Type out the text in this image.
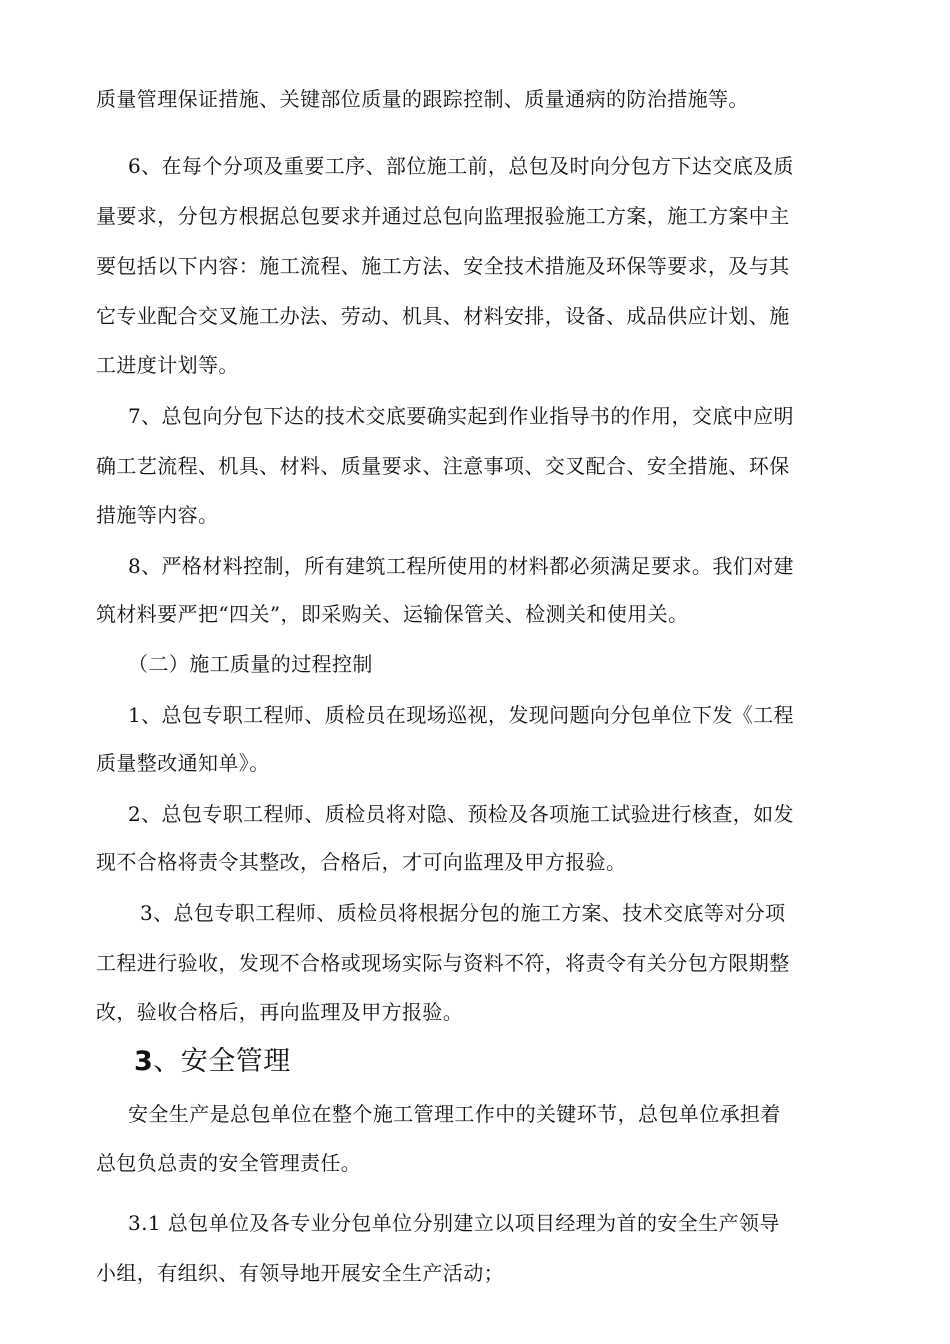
质量管理保证措施、关键部位质量的跟踪控制、质量通病的防治措施等。
6、在每个分项及重要工序、部位施工前，总包及时向分包方下达交底及质
量要求，分包方根据总包要求并通过总包向监理报验施工方案，施工方案中主
要包括以下内容：施工流程、施工方法、安全技术措施及环保等要求，及与其
它专业配合交叉施工办法、劳动、机具、材料安排，设备、成品供应计划、施
工进度计划等。
7、总包向分包下达的技术交底要确实起到作业指导书的作用，交底中应明
确工艺流程、机具、材料、质量要求、注意事项、交叉配合、安全措施、环保
措施等内容。
8、严格材料控制，所有建筑工程所使用的材料都必须满足要求。我们对建
筑材料要严把“四关”，即采购关、运输保管关、检测关和使用关。
（二）施工质量的过程控制
1、总包专职工程师、质检员在现场巡视，发现问题向分包单位下发《工程
质量整改通知单》。
2、总包专职工程师、质检员将对隐、预检及各项施工试验进行核查，如发
现不合格将责令其整改，合格后，才可向监理及甲方报验。
3、总包专职工程师、质检员将根据分包的施工方案、技术交底等对分项
工程进行验收，发现不合格或现场实际与资料不符，将责令有关分包方限期整
改，验收合格后，再向监理及甲方报验。
3、安全管理
安全生产是总包单位在整个施工管理工作中的关键环节，总包单位承担着
总包负总责的安全管理责任。
3.1 总包单位及各专业分包单位分别建立以项目经理为首的安全生产领导
小组，有组织、有领导地开展安全生产活动；
